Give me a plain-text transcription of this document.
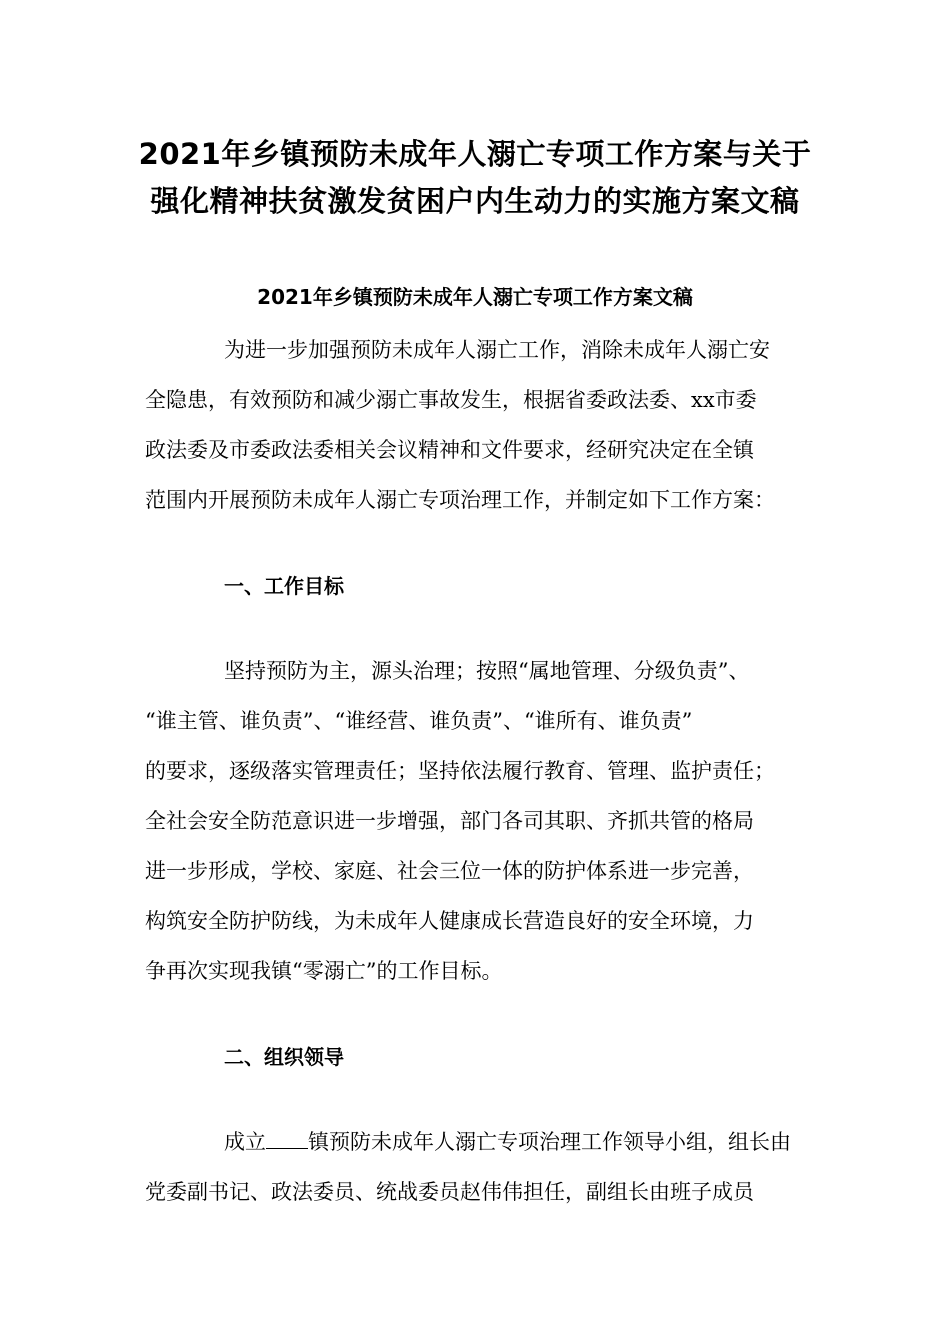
2021年乡镇预防未成年人溺亡专项工作方案与关于
强化精神扶贫激发贫困户内生动力的实施方案文稿
2021年乡镇预防未成年人溺亡专项工作方案文稿
为进一步加强预防未成年人溺亡工作，消除未成年人溺亡安
全隐患，有效预防和减少溺亡事故发生，根据省委政法委、xx市委
政法委及市委政法委相关会议精神和文件要求，经研究决定在全镇
范围内开展预防未成年人溺亡专项治理工作，并制定如下工作方案：
一、工作目标
坚持预防为主，源头治理；按照“属地管理、分级负责”、
“谁主管、谁负责”、“谁经营、谁负责”、“谁所有、谁负责”
的要求，逐级落实管理责任；坚持依法履行教育、管理、监护责任；
全社会安全防范意识进一步增强，部门各司其职、齐抓共管的格局
进一步形成，学校、家庭、社会三位一体的防护体系进一步完善，
构筑安全防护防线，为未成年人健康成长营造良好的安全环境，力
争再次实现我镇“零溺亡”的工作目标。
二、组织领导
成立 镇预防未成年人溺亡专项治理工作领导小组，组长由
党委副书记、政法委员、统战委员赵伟伟担任，副组长由班子成员
